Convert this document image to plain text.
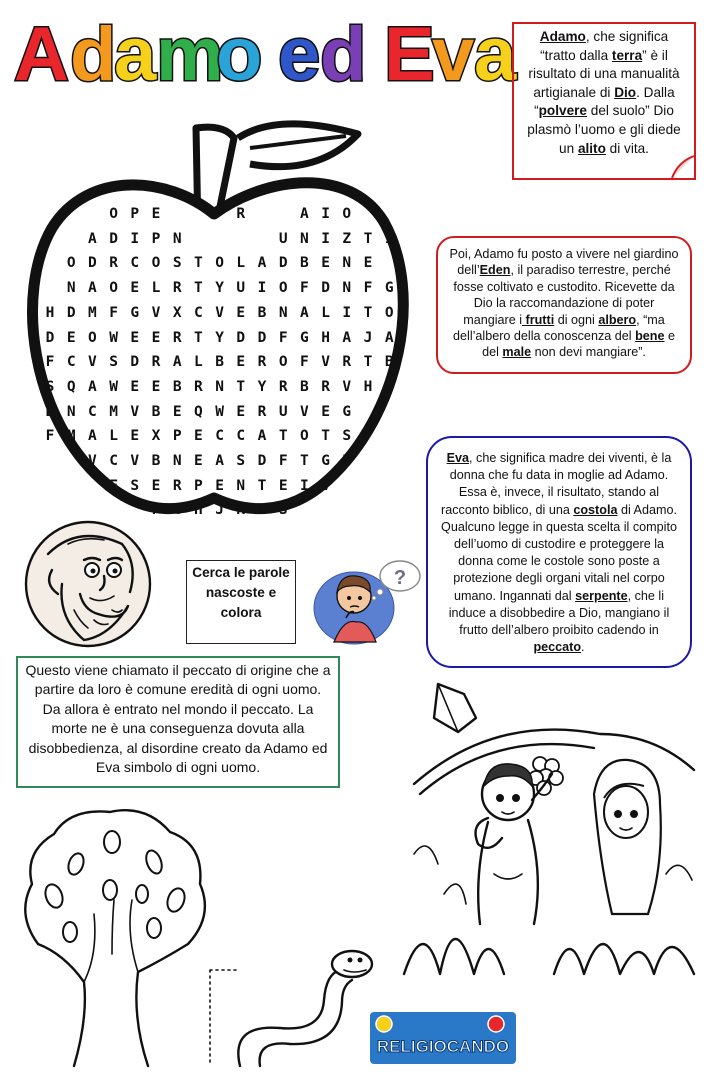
A d
a m
o e d E
v a	Adamo, che significa “tratto dalla terra” è il risultato di una manualità artigianale di Dio. Dalla “polvere del suolo” Dio plasmò l’uomo e gli diede un alito di vita.
O P E	R	A I O
A D I P N	U N I Z T I
O D R C O S T O L A D B E N E
N A O E L R T Y U I O F D N F G
H D M F G V X C V E B N A L I T O
D E O W E E R T Y D D F G H A J A
F C V S D R A L B E R O F V R T B
S Q A W E E B R N T Y R B R V H
B N C M V B E Q W E R U V E G
F M A L E X P E C C A T O T S
V C V B N E A S D F T G H
F S E R P E N T E I V
F G H J K L S
Poi, Adamo fu posto a vivere nel giardino dell’Eden, il paradiso terrestre, perché fosse coltivato e custodito. Ricevette da Dio la raccomandazione di poter mangiare i frutti di ogni albero, “ma dell’albero della conoscenza del bene e del male non devi mangiare”.
Eva, che significa madre dei viventi, è la donna che fu data in moglie ad Adamo. Essa è, invece, il risultato, stando al racconto biblico, di una costola di Adamo. Qualcuno legge in questa scelta il compito dell’uomo di custodire e proteggere la donna come le costole sono poste a protezione degli organi vitali nel corpo umano. Ingannati dal serpente, che li induce a disobbedire a Dio, mangiano il frutto dell’albero proibito cadendo in peccato.
Cerca le parole nascoste e colora
?
Questo viene chiamato il peccato di origine che a partire da loro è comune eredità di ogni uomo. Da allora è entrato nel mondo il peccato. La morte ne è una conseguenza dovuta alla disobbedienza, al disordine creato da Adamo ed Eva simbolo di ogni uomo.
RELIGIOCANDO
